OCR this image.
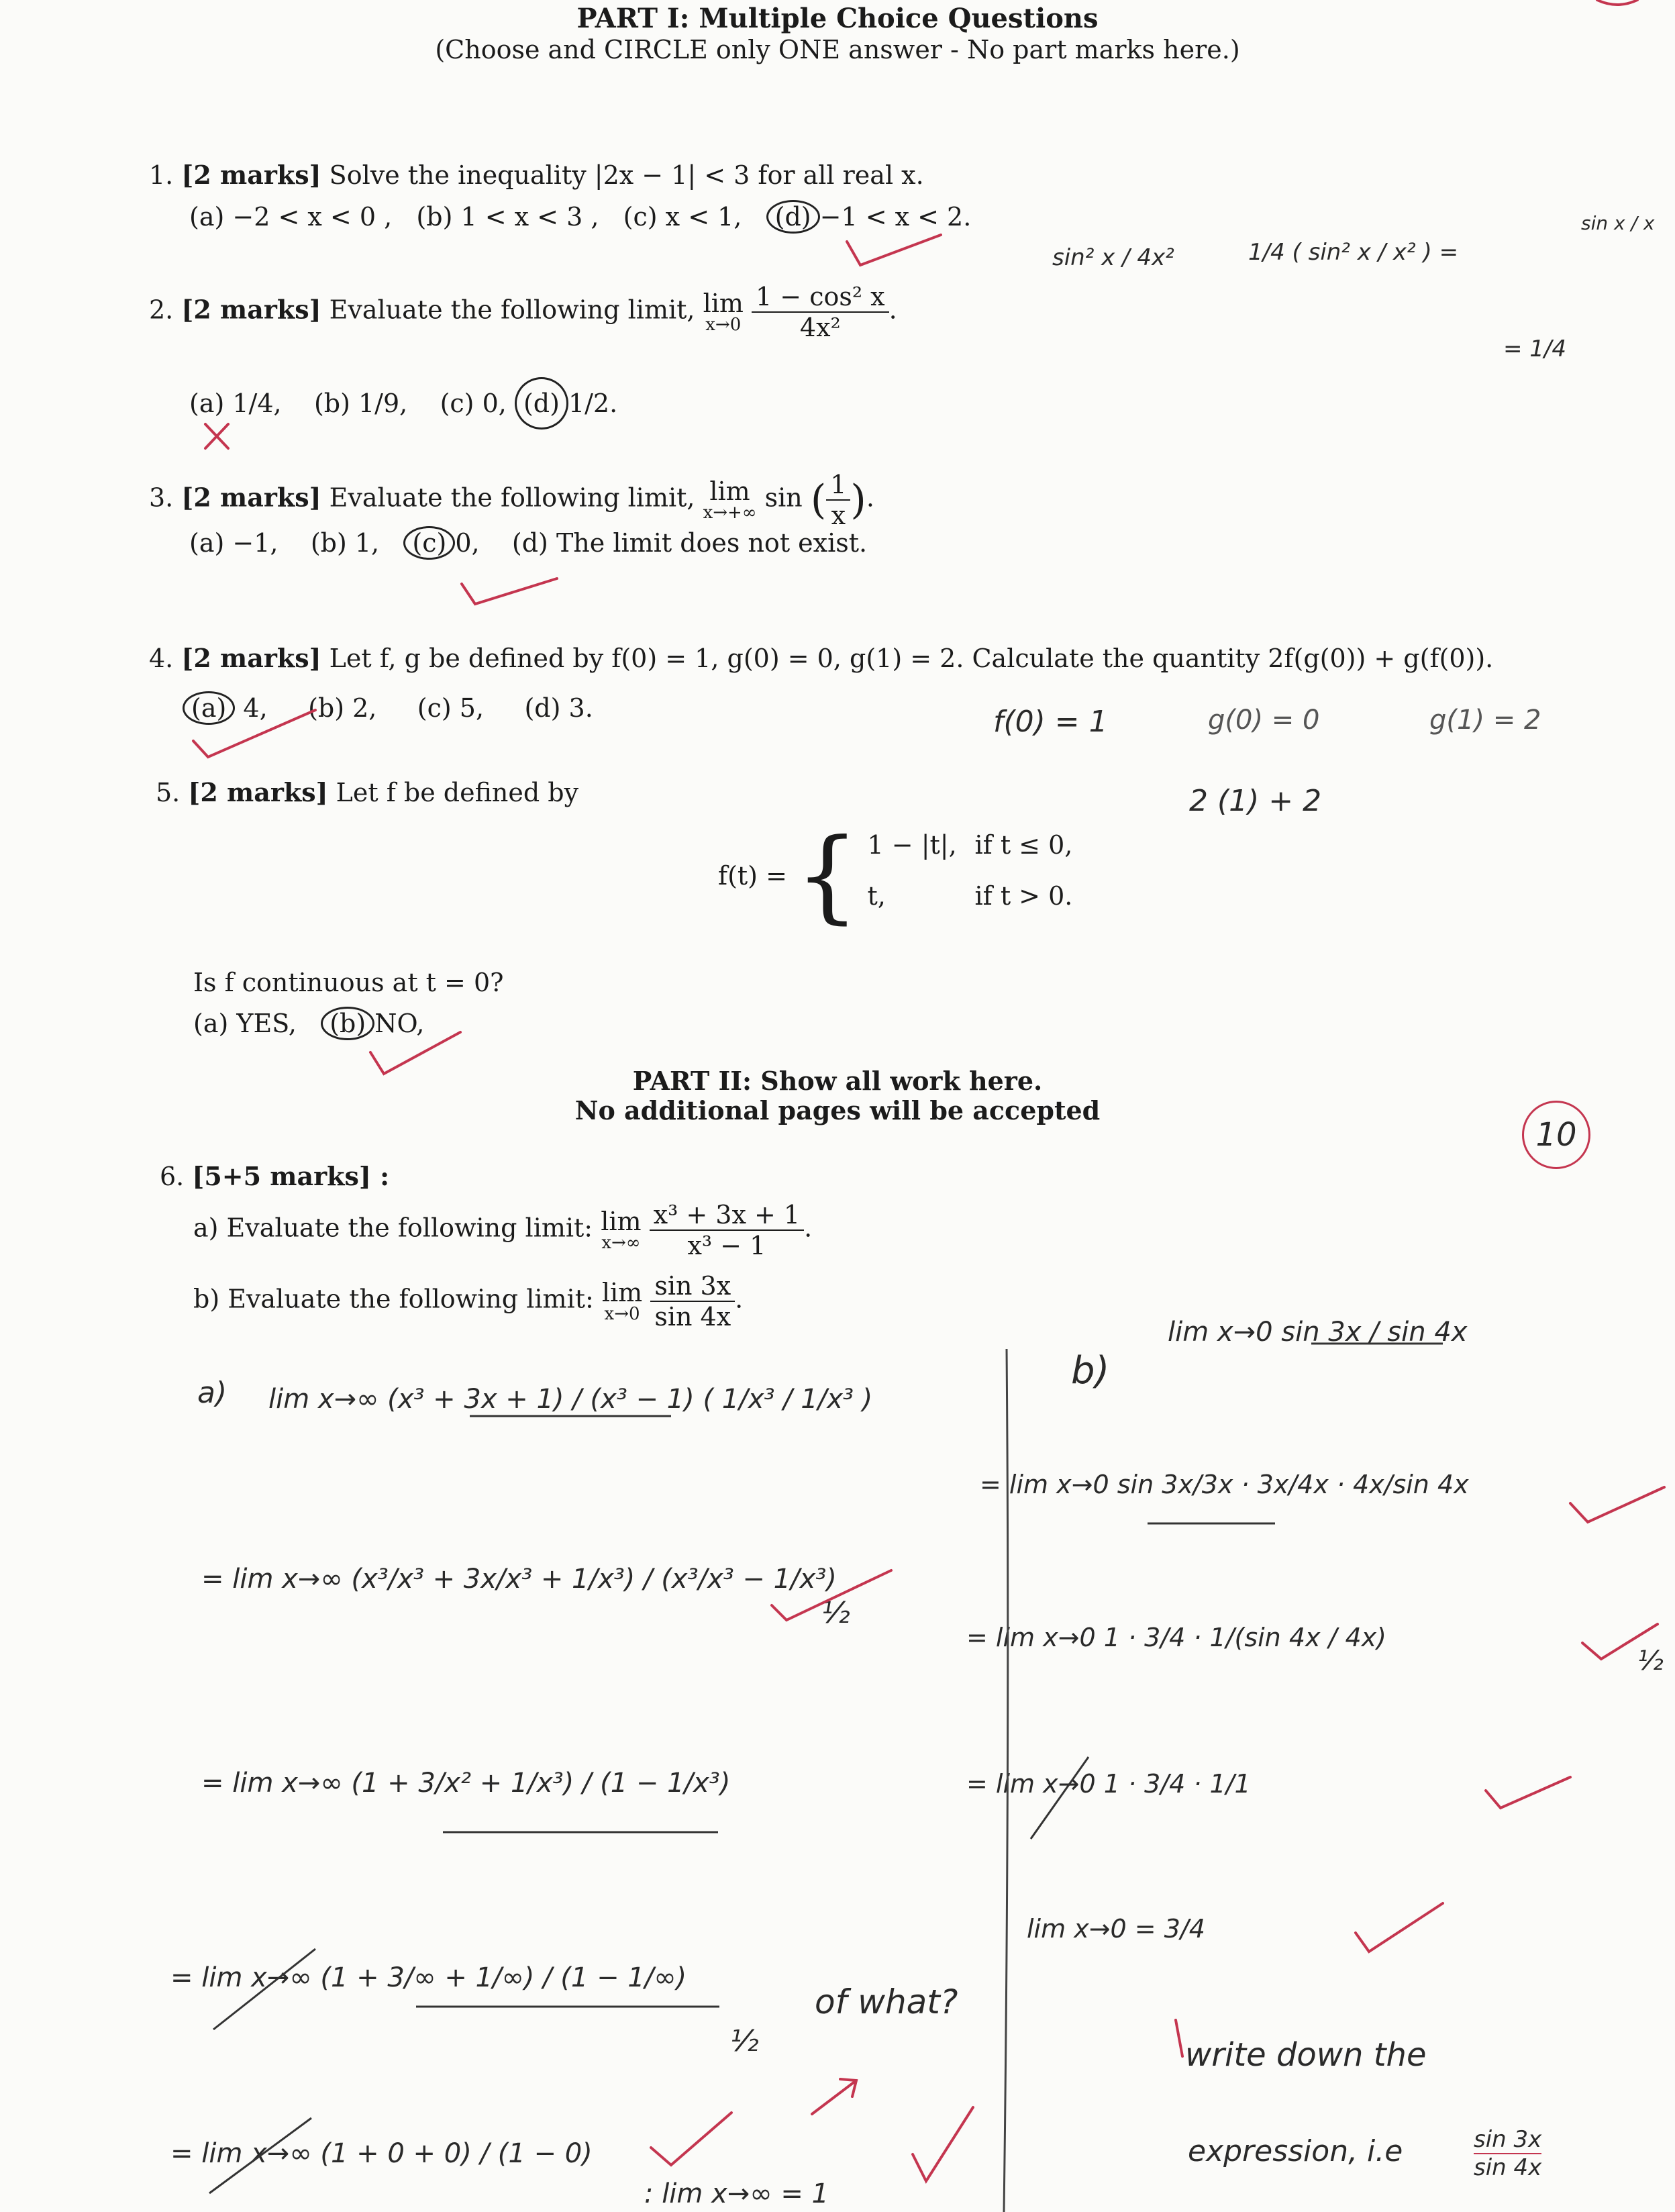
PART I: Multiple Choice Questions
(Choose and CIRCLE only ONE answer - No part marks here.)
1. [2 marks] Solve the inequality |2x − 1| < 3 for all real x.
(a) −2 < x < 0 , (b) 1 < x < 3 , (c) x < 1, (d) −1 < x < 2.
2. [2 marks] Evaluate the following limit, lim
x→0
$\frac{\text{1 − cos² x}}{\text{4x²}}$ .
(a) 1/4, (b) 1/9, (c) 0, (d) 1/2.
3. [2 marks] Evaluate the following limit, lim
x→+∞
sin ( $\frac{1}{x}$ ).
(a) −1, (b) 1, (c) 0, (d) The limit does not exist.
4. [2 marks] Let f, g be defined by f(0) = 1, g(0) = 0, g(1) = 2. Calculate the quantity 2f(g(0)) + g(f(0)).
(a) 4, (b) 2, (c) 5, (d) 3.
5. [2 marks] Let f be defined by
f(t) = { 1 − |t|, if t ≤ 0,
t,	if t > 0.
Is f continuous at t = 0?
(a) YES, (b) NO,
PART II: Show all work here.
No additional pages will be accepted
6. [5+5 marks] :
a) Evaluate the following limit: lim
x→∞
$\frac{\text{x³ + 3x + 1}}{\text{x³ − 1}}$ .
b) Evaluate the following limit: lim
x→0
$\frac{\sin 3x}{\sin 4x}$ .
sin² x / 4x²	1/4 ( sin² x / x² ) =
= 1/4
sin x / x
f(0) = 1	g(0) = 0	g(1) = 2
2 (1) + 2
10
a) lim x→∞ (x³ + 3x + 1) / (x³ − 1) ( 1/x³ / 1/x³ )
= lim x→∞ (x³/x³ + 3x/x³ + 1/x³) / (x³/x³ − 1/x³)
= lim x→∞ (1 + 3/x² + 1/x³) / (1 − 1/x³)
= lim x→∞ (1 + 3/∞ + 1/∞) / (1 − 1/∞)
= lim x→∞ (1 + 0 + 0) / (1 − 0)
: lim x→∞ = 1
b)
lim x→0 sin 3x / sin 4x
= lim x→0 sin 3x/3x · 3x/4x · 4x/sin 4x
= lim x→0 1 · 3/4 · 1/(sin 4x / 4x)
= lim x→0 1 · 3/4 · 1/1
lim x→0 = 3/4
of what?
write down the
expression, i.e	$\frac{\sin 3x}{\sin 4x}$
½
½
½
